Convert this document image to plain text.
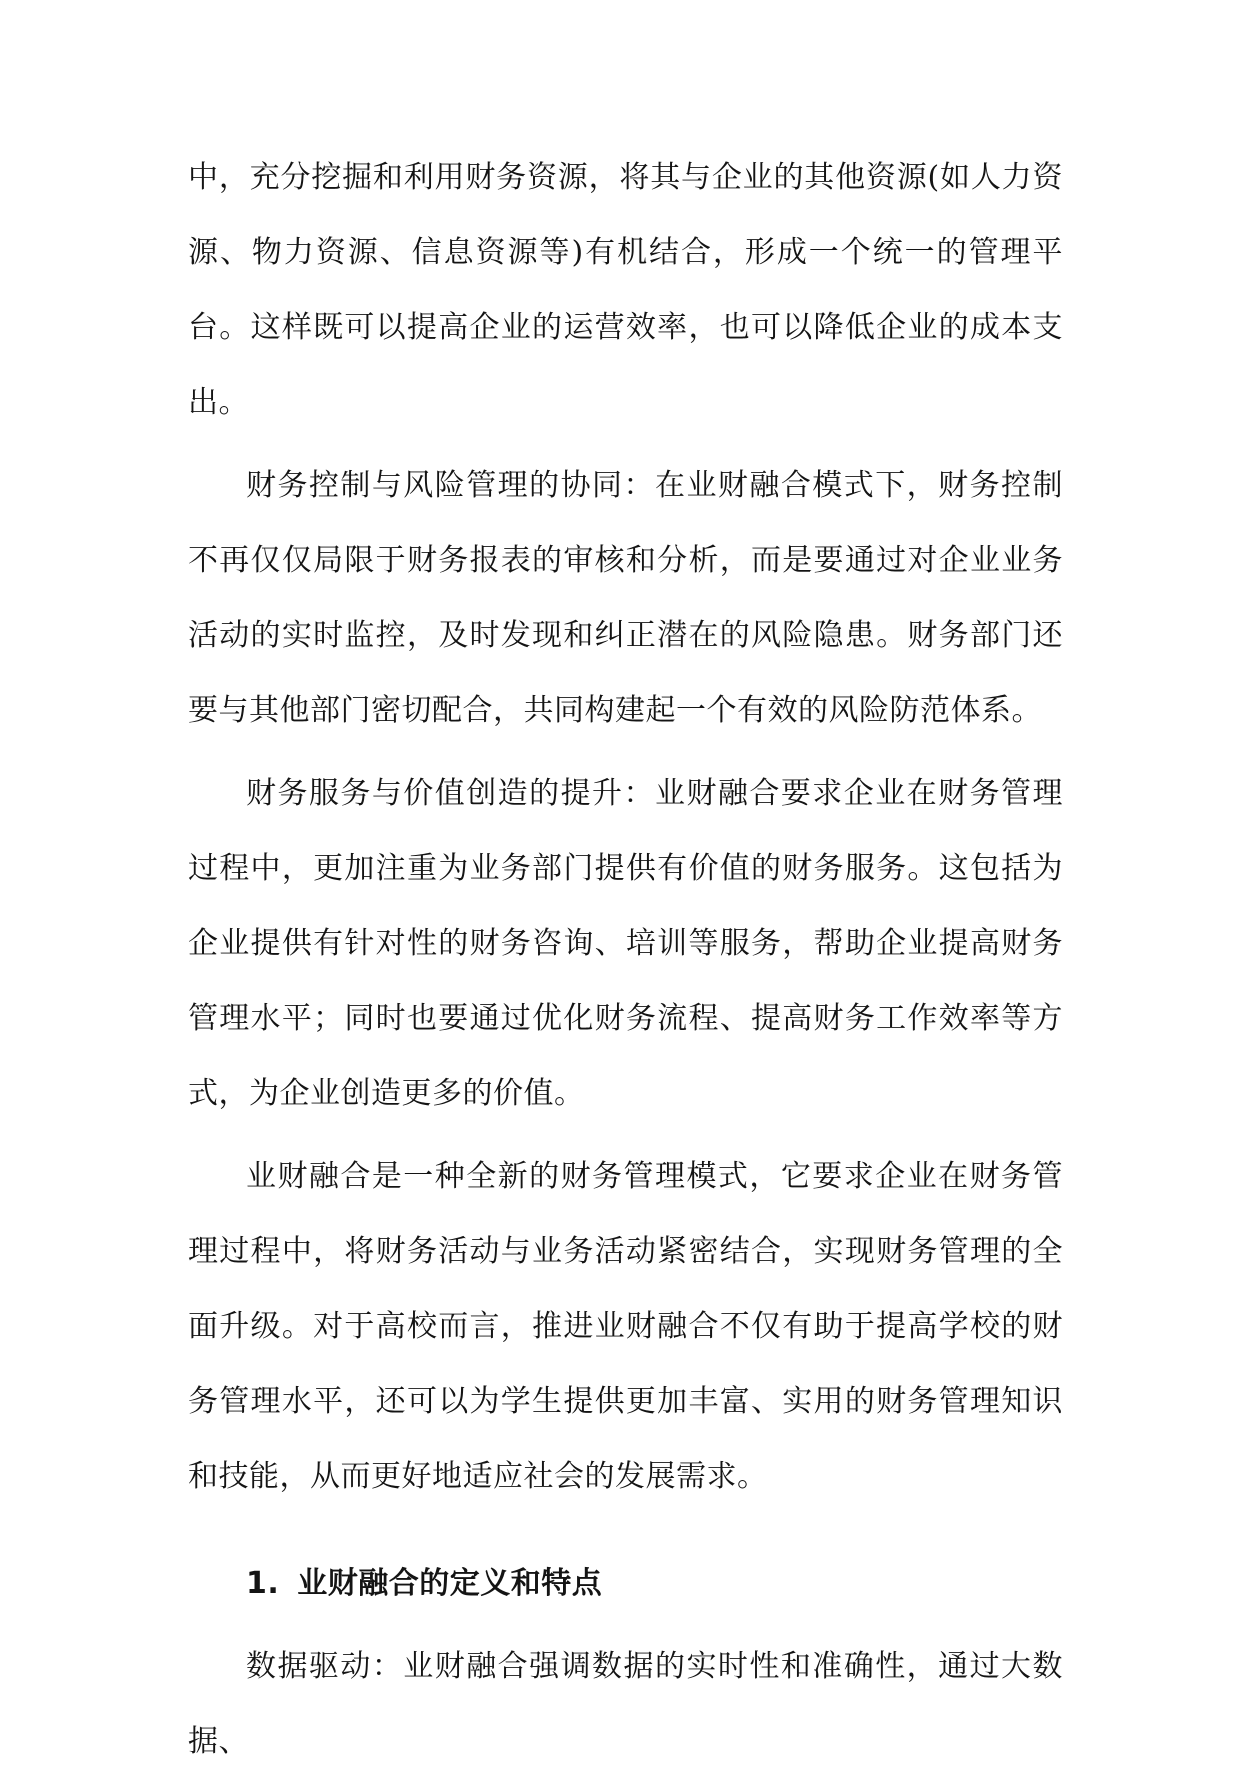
中，充分挖掘和利用财务资源，将其与企业的其他资源(如人力资源、物力资源、信息资源等)有机结合，形成一个统一的管理平台。这样既可以提高企业的运营效率，也可以降低企业的成本支出。

财务控制与风险管理的协同：在业财融合模式下，财务控制不再仅仅局限于财务报表的审核和分析，而是要通过对企业业务活动的实时监控，及时发现和纠正潜在的风险隐患。财务部门还要与其他部门密切配合，共同构建起一个有效的风险防范体系。

财务服务与价值创造的提升：业财融合要求企业在财务管理过程中，更加注重为业务部门提供有价值的财务服务。这包括为企业提供有针对性的财务咨询、培训等服务，帮助企业提高财务管理水平；同时也要通过优化财务流程、提高财务工作效率等方式，为企业创造更多的价值。

业财融合是一种全新的财务管理模式，它要求企业在财务管理过程中，将财务活动与业务活动紧密结合，实现财务管理的全面升级。对于高校而言，推进业财融合不仅有助于提高学校的财务管理水平，还可以为学生提供更加丰富、实用的财务管理知识和技能，从而更好地适应社会的发展需求。

1. 业财融合的定义和特点

数据驱动：业财融合强调数据的实时性和准确性，通过大数据、
